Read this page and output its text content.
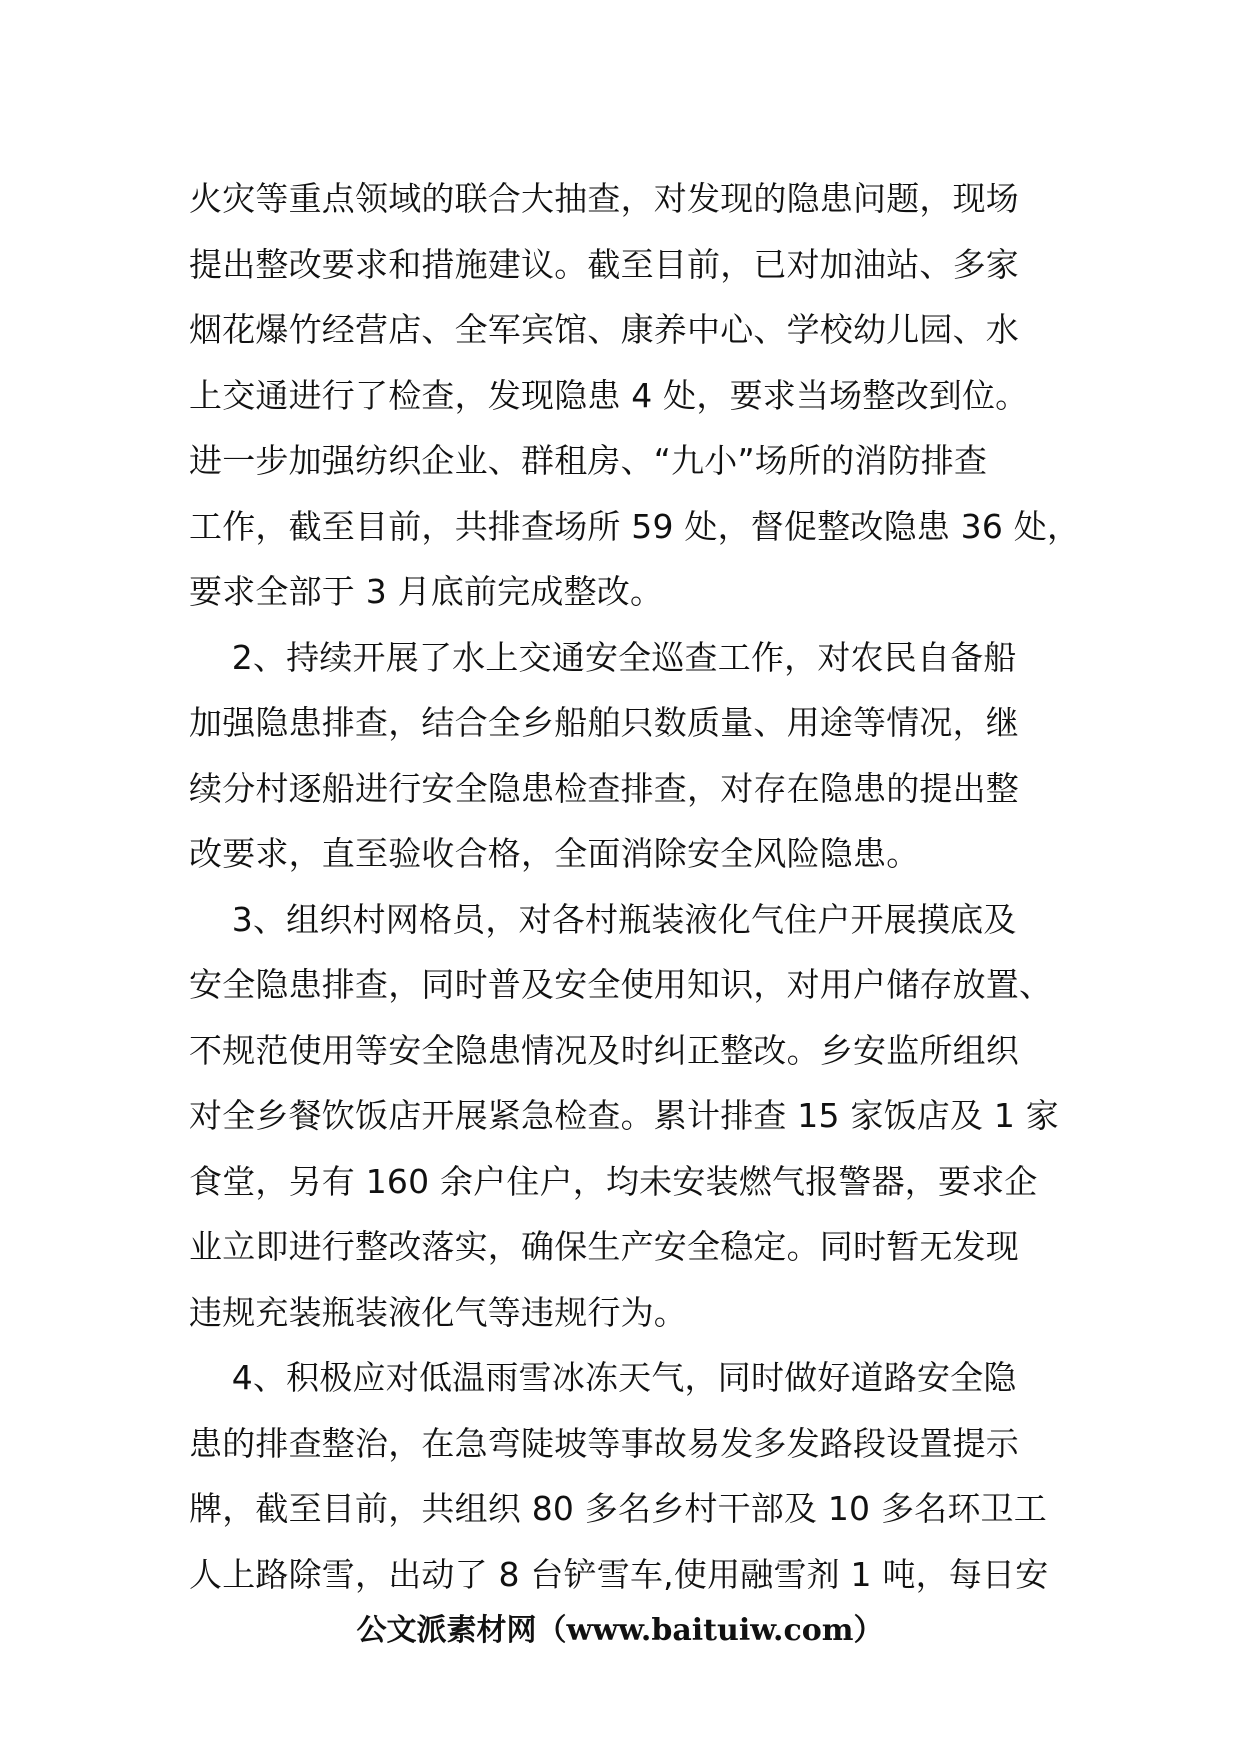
火灾等重点领域的联合大抽查，对发现的隐患问题，现场
提出整改要求和措施建议。截至目前，已对加油站、多家
烟花爆竹经营店、全军宾馆、康养中心、学校幼儿园、水
上交通进行了检查，发现隐患 4 处，要求当场整改到位。
进一步加强纺织企业、群租房、“九小”场所的消防排查
工作，截至目前，共排查场所 59 处，督促整改隐患 36 处，
要求全部于 3 月底前完成整改。
2、持续开展了水上交通安全巡查工作，对农民自备船
加强隐患排查，结合全乡船舶只数质量、用途等情况，继
续分村逐船进行安全隐患检查排查，对存在隐患的提出整
改要求，直至验收合格，全面消除安全风险隐患。
3、组织村网格员，对各村瓶装液化气住户开展摸底及
安全隐患排查，同时普及安全使用知识，对用户储存放置、
不规范使用等安全隐患情况及时纠正整改。乡安监所组织
对全乡餐饮饭店开展紧急检查。累计排查 15 家饭店及 1 家
食堂，另有 160 余户住户，均未安装燃气报警器，要求企
业立即进行整改落实，确保生产安全稳定。同时暂无发现
违规充装瓶装液化气等违规行为。
4、积极应对低温雨雪冰冻天气，同时做好道路安全隐
患的排查整治，在急弯陡坡等事故易发多发路段设置提示
牌，截至目前，共组织 80 多名乡村干部及 10 多名环卫工
人上路除雪，出动了 8 台铲雪车,使用融雪剂 1 吨，每日安
公文派素材网（www.baituiw.com）
